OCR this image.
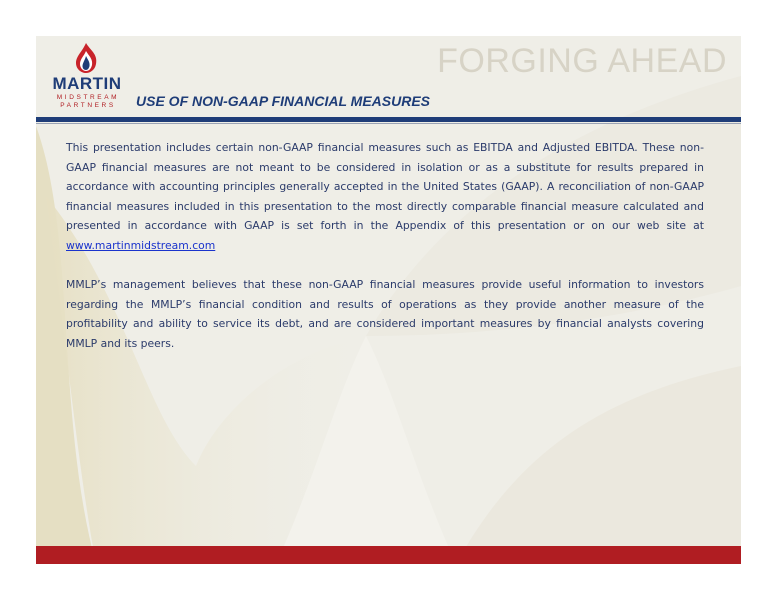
MARTIN
MIDSTREAM
PARTNERS
FORGING AHEAD
USE OF NON-GAAP FINANCIAL MEASURES

This presentation includes certain non-GAAP financial measures such as EBITDA and Adjusted EBITDA. These non-GAAP financial measures are not meant to be considered in isolation or as a substitute for results prepared in accordance with accounting principles generally accepted in the United States (GAAP). A reconciliation of non-GAAP financial measures included in this presentation to the most directly comparable financial measure calculated and presented in accordance with GAAP is set forth in the Appendix of this presentation or on our web site at www.martinmidstream.com

MMLP’s management believes that these non-GAAP financial measures provide useful information to investors regarding the MMLP’s financial condition and results of operations as they provide another measure of the profitability and ability to service its debt, and are considered important measures by financial analysts covering MMLP and its peers.
